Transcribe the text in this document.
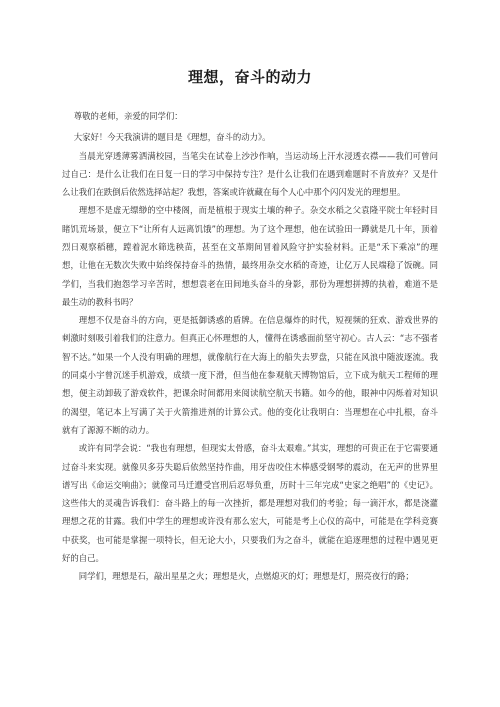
理想，奋斗的动力

尊敬的老师，亲爱的同学们：

大家好！今天我演讲的题目是《理想，奋斗的动力》。

当晨光穿透薄雾洒满校园，当笔尖在试卷上沙沙作响，当运动场上汗水浸透衣襟——我们可曾问过自己：是什么让我们在日复一日的学习中保持专注？是什么让我们在遇到难题时不肯放弃？又是什么让我们在跌倒后依然选择站起？我想，答案或许就藏在每个人心中那个闪闪发光的理想里。

理想不是虚无缥缈的空中楼阁，而是植根于现实土壤的种子。杂交水稻之父袁隆平院士年轻时目睹饥荒场景，便立下“让所有人远离饥饿”的理想。为了这个理想，他在试验田一蹲就是几十年，顶着烈日观察稻穗，蹚着泥水筛选秧苗，甚至在文革期间冒着风险守护实验材料。正是“禾下乘凉”的理想，让他在无数次失败中始终保持奋斗的热情，最终用杂交水稻的奇迹，让亿万人民端稳了饭碗。同学们，当我们抱怨学习辛苦时，想想袁老在田间地头奋斗的身影，那份为理想拼搏的执着，难道不是最生动的教科书吗？

理想不仅是奋斗的方向，更是抵御诱惑的盾牌。在信息爆炸的时代，短视频的狂欢、游戏世界的刺激时刻吸引着我们的注意力。但真正心怀理想的人，懂得在诱惑面前坚守初心。古人云：“志不强者智不达。”如果一个人没有明确的理想，就像航行在大海上的船失去罗盘，只能在风浪中随波逐流。我的同桌小宇曾沉迷手机游戏，成绩一度下滑，但当他在参观航天博物馆后，立下成为航天工程师的理想，便主动卸载了游戏软件，把课余时间都用来阅读航空航天书籍。如今的他，眼神中闪烁着对知识的渴望，笔记本上写满了关于火箭推进剂的计算公式。他的变化让我明白：当理想在心中扎根，奋斗就有了源源不断的动力。

或许有同学会说：“我也有理想，但现实太骨感，奋斗太艰难。”其实，理想的可贵正在于它需要通过奋斗来实现。就像贝多芬失聪后依然坚持作曲，用牙齿咬住木棒感受钢琴的震动，在无声的世界里谱写出《命运交响曲》；就像司马迁遭受宫刑后忍辱负重，历时十三年完成“史家之绝唱”的《史记》。这些伟大的灵魂告诉我们：奋斗路上的每一次挫折，都是理想对我们的考验；每一滴汗水，都是浇灌理想之花的甘露。我们中学生的理想或许没有那么宏大，可能是考上心仪的高中，可能是在学科竞赛中获奖，也可能是掌握一项特长，但无论大小，只要我们为之奋斗，就能在追逐理想的过程中遇见更好的自己。

同学们，理想是石，敲出星星之火；理想是火，点燃熄灭的灯；理想是灯，照亮夜行的路；
